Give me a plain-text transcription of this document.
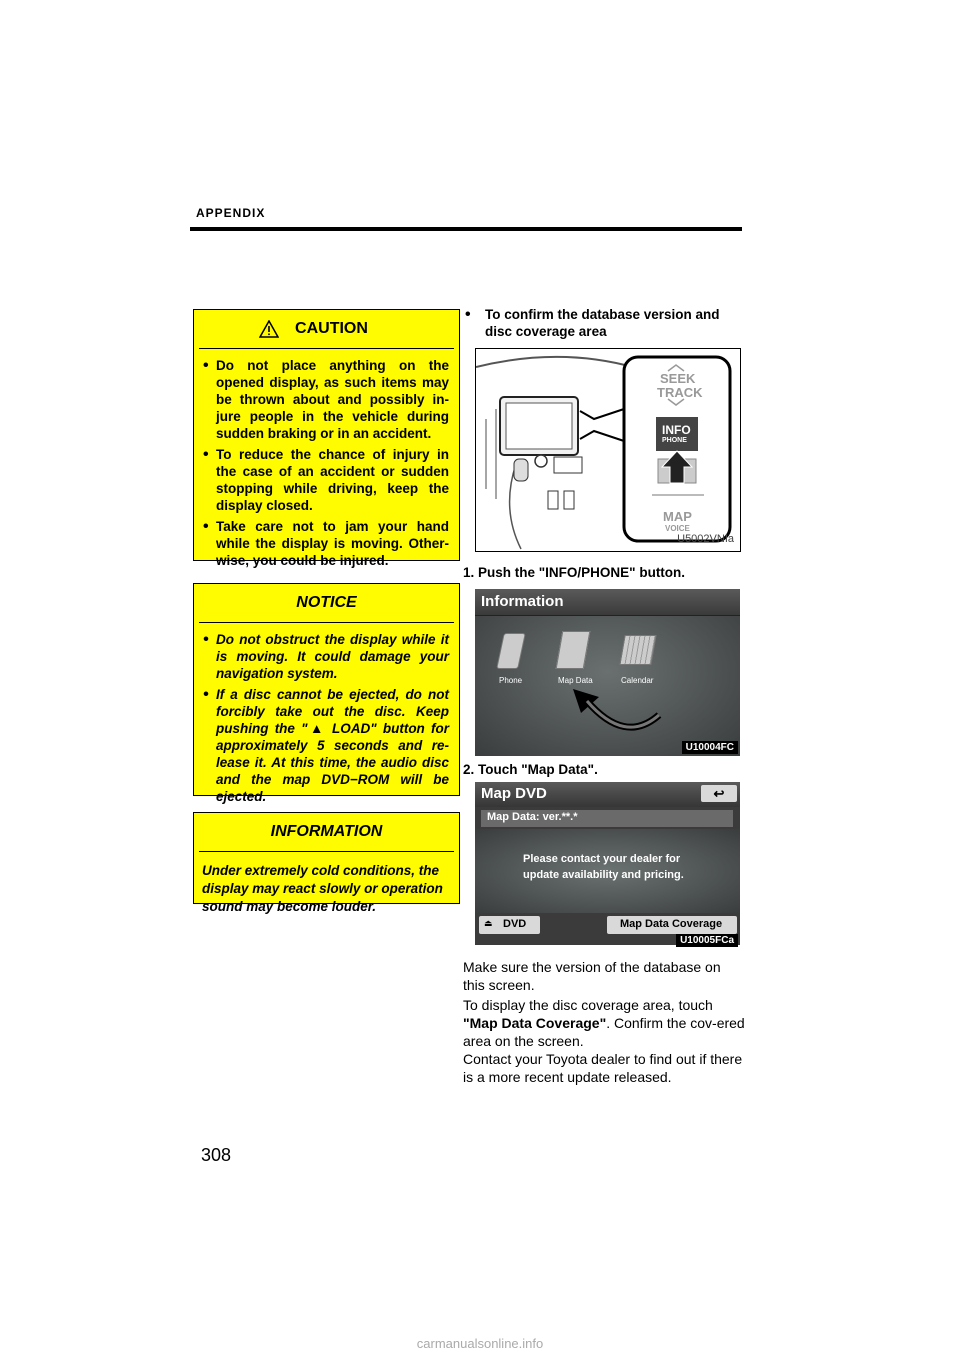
APPENDIX
CAUTION
• Do not place anything on the opened display, as such items may be thrown about and possibly in-jure people in the vehicle during sudden braking or in an accident.
• To reduce the chance of injury in the case of an accident or sudden stopping while driving, keep the display closed.
• Take care not to jam your hand while the display is moving. Other-wise, you could be injured.
NOTICE
• Do not obstruct the display while it is moving. It could damage your navigation system.
• If a disc cannot be ejected, do not forcibly take out the disc. Keep pushing the "▲ LOAD" button for approximately 5 seconds and re-lease it. At this time, the audio disc and the map DVD−ROM will be ejected.
INFORMATION

Under extremely cold conditions, the display may react slowly or operation sound may become louder.

• To confirm the database version and disc coverage area
SEEK
TRACK
INFO
PHONE
MAP
VOICE
U5002VNIa
1. Push the "INFO/PHONE" button.
Information
Phone	Map Data	Calendar
U10004FC
2. Touch "Map Data".
Map DVD	↩
Map Data: ver.**.*
Please contact your dealer for
update availability and pricing.
⏏ DVD	Map Data Coverage
U10005FCa
Make sure the version of the database on this screen.
To display the disc coverage area, touch "Map Data Coverage". Confirm the cov-ered area on the screen.
Contact your Toyota dealer to find out if there is a more recent update released.
308
carmanualsonline.info
